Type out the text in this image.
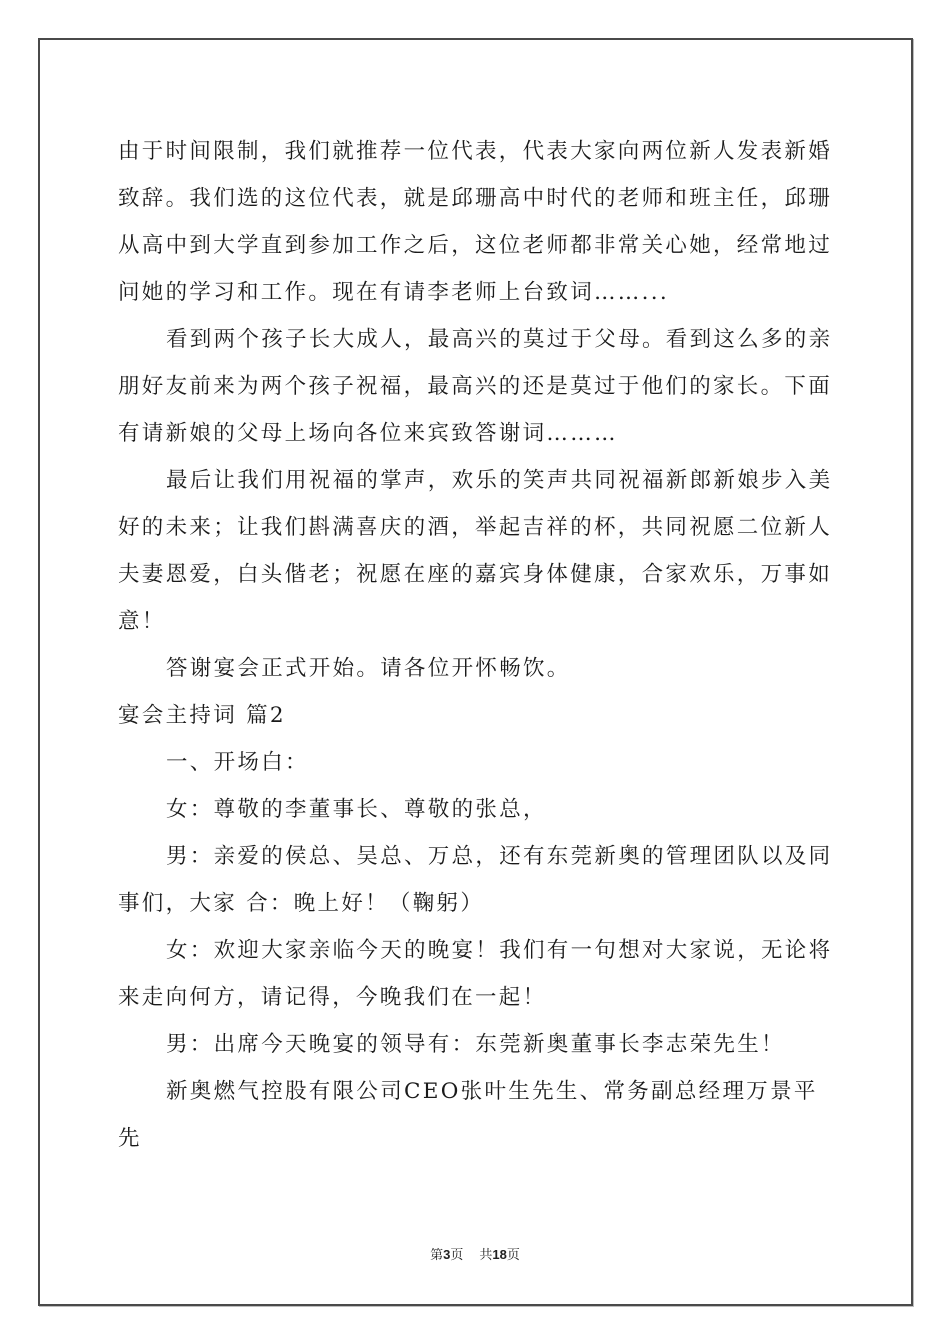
由于时间限制，我们就推荐一位代表，代表大家向两位新人发表新婚致辞。我们选的这位代表，就是邱珊高中时代的老师和班主任，邱珊从高中到大学直到参加工作之后，这位老师都非常关心她，经常地过问她的学习和工作。现在有请李老师上台致词……...

看到两个孩子长大成人，最高兴的莫过于父母。看到这么多的亲朋好友前来为两个孩子祝福，最高兴的还是莫过于他们的家长。下面有请新娘的父母上场向各位来宾致答谢词………

最后让我们用祝福的掌声，欢乐的笑声共同祝福新郎新娘步入美好的未来；让我们斟满喜庆的酒，举起吉祥的杯，共同祝愿二位新人夫妻恩爱，白头偕老；祝愿在座的嘉宾身体健康，合家欢乐，万事如意！

答谢宴会正式开始。请各位开怀畅饮。

宴会主持词 篇2

一、开场白：

女：尊敬的李董事长、尊敬的张总，

男：亲爱的侯总、吴总、万总，还有东莞新奥的管理团队以及同事们，大家 合：晚上好！（鞠躬）

女：欢迎大家亲临今天的晚宴！我们有一句想对大家说，无论将来走向何方，请记得，今晚我们在一起！

男：出席今天晚宴的领导有：东莞新奥董事长李志荣先生！

新奥燃气控股有限公司CEO张叶生先生、常务副总经理万景平先

第3页 共18页
